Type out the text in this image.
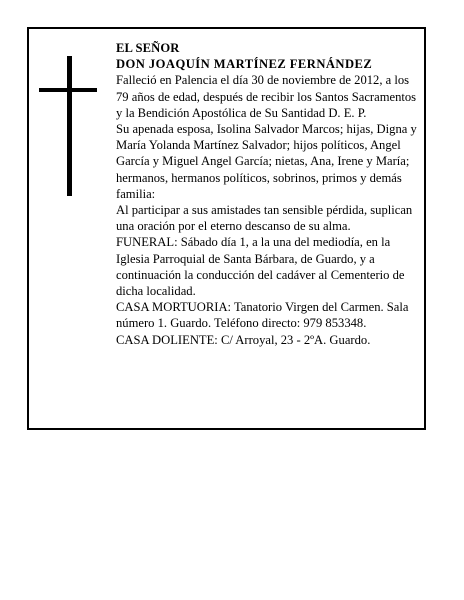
EL SEÑOR
DON JOAQUÍN MARTÍNEZ FERNÁNDEZ

Falleció en Palencia el día 30 de noviembre de 2012, a los 79 años de edad, después de recibir los Santos Sacramentos y la Bendición Apostólica de Su Santidad D. E. P.

Su apenada esposa, Isolina Salvador Marcos; hijas, Digna y María Yolanda Martínez Salvador; hijos políticos, Angel García y Miguel Angel García; nietas, Ana, Irene y María; hermanos, hermanos políticos, sobrinos, primos y demás familia:

Al participar a sus amistades tan sensible pérdida, suplican una oración por el eterno descanso de su alma.

FUNERAL: Sábado día 1, a la una del mediodía, en la Iglesia Parroquial de Santa Bárbara, de Guardo, y a continuación la conducción del cadáver al Cementerio de dicha localidad.

CASA MORTUORIA: Tanatorio Virgen del Carmen. Sala número 1. Guardo. Teléfono directo: 979 853348.

CASA DOLIENTE: C/ Arroyal, 23 - 2ºA. Guardo.
